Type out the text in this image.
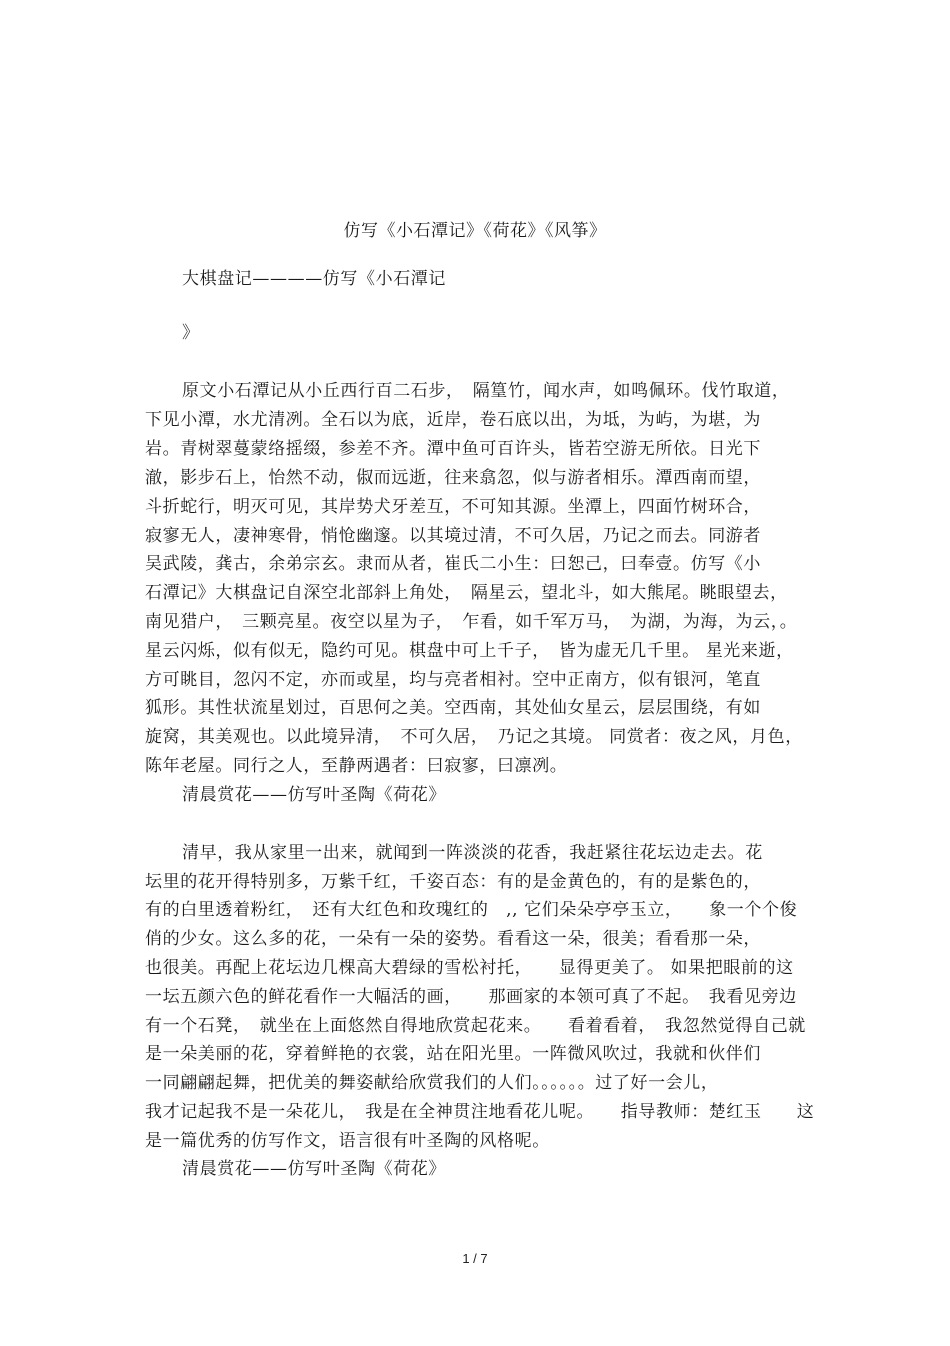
仿写《小石潭记》《荷花》《风筝》
大棋盘记————仿写《小石潭记
》
原文小石潭记从小丘西行百二石步，　隔篁竹，闻水声，如鸣佩环。伐竹取道，
下见小潭，水尤清冽。全石以为底，近岸，卷石底以出，为坻，为屿，为堪，为
岩。青树翠蔓蒙络摇缀，参差不齐。潭中鱼可百许头，皆若空游无所依。日光下
澈，影步石上，怡然不动，俶而远逝，往来翕忽，似与游者相乐。潭西南而望，
斗折蛇行，明灭可见，其岸势犬牙差互，不可知其源。坐潭上，四面竹树环合，
寂寥无人，凄神寒骨，悄怆幽邃。以其境过清，不可久居，乃记之而去。同游者
吴武陵，龚古，余弟宗玄。隶而从者，崔氏二小生：曰恕己，曰奉壹。仿写《小
石潭记》大棋盘记自深空北部斜上角处，　隔星云，望北斗，如大熊尾。眺眼望去，
南见猎户，　三颗亮星。夜空以星为子，　乍看，如千军万马，　为湖，为海，为云，。
星云闪烁，似有似无，隐约可见。棋盘中可上千子，　皆为虚无几千里。 星光来逝，
方可眺目，忽闪不定，亦而或星，均与亮者相衬。空中正南方，似有银河，笔直
狐形。其性状流星划过，百思何之美。空西南，其处仙女星云，层层围绕，有如
旋窝，其美观也。以此境异清，　不可久居，　乃记之其境。 同赏者：夜之风，月色，
陈年老屋。同行之人，至静两遇者：曰寂寥，曰凛冽。
清晨赏花——仿写叶圣陶《荷花》
清早，我从家里一出来，就闻到一阵淡淡的花香，我赶紧往花坛边走去。花
坛里的花开得特别多，万紫千红，千姿百态：有的是金黄色的，有的是紫色的，
有的白里透着粉红，　还有大红色和玫瑰红的　,, 它们朵朵亭亭玉立，　　象一个个俊
俏的少女。这么多的花，一朵有一朵的姿势。看看这一朵，很美；看看那一朵，
也很美。再配上花坛边几棵高大碧绿的雪松衬托，　　显得更美了。 如果把眼前的这
一坛五颜六色的鲜花看作一大幅活的画，　　那画家的本领可真了不起。　我看见旁边
有一个石凳，　就坐在上面悠然自得地欣赏起花来。　　看着看着，　我忽然觉得自己就
是一朵美丽的花，穿着鲜艳的衣裳，站在阳光里。一阵微风吹过，我就和伙伴们
一同翩翩起舞，把优美的舞姿献给欣赏我们的人们。。。。。。过了好一会儿，
我才记起我不是一朵花儿，　我是在全神贯注地看花儿呢。　　指导教师：楚红玉　　这
是一篇优秀的仿写作文，语言很有叶圣陶的风格呢。
清晨赏花——仿写叶圣陶《荷花》
1 / 7
